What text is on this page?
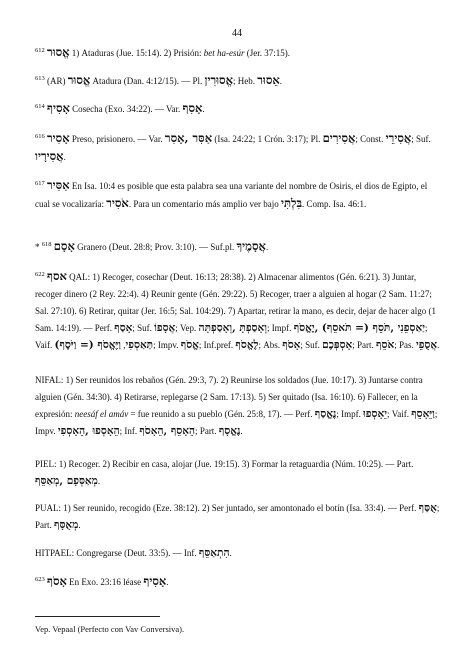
44
$^{612}$ אֱסוּר 1) Ataduras (Jue. 15:14). 2) Prisión: bet ha-esúr (Jer. 37:15).
$^{613}$ (AR) אֱסוּר Atadura (Dan. 4:12/15). — Pl. אֱסוּרִין; Heb. אֵסוּר.
$^{614}$ אָסִיף Cosecha (Exo. 34:22). — Var. אָסִף.
$^{616}$ אָסִיר Preso, prisionero. — Var. אַסִּר ,אָסִר (Isa. 24:22; 1 Crón. 3:17); Pl. אֲסִירִים; Const. אֲסִירֵי; Suf. אֲסִירָיו.
$^{617}$ אַסִּיר En Isa. 10:4 es posible que esta palabra sea una variante del nombre de Osiris, el dios de Egipto, el cual se vocalizaría: אֹסִיר. Para un comentario más amplio ver bajo בִּלְתִּי. Comp. Isa. 46:1.
* $^{618}$ אָסָם Granero (Deut. 28:8; Prov. 3:10). — Suf.pl. אֲסָמֶיךָ.
$^{622}$ אסף QAL: 1) Recoger, cosechar (Deut. 16:13; 28:38). 2) Almacenar alimentos (Gén. 6:21). 3) Juntar, recoger dinero (2 Rey. 22:4). 4) Reunir gente (Gén. 29:22). 5) Recoger, traer a alguien al hogar (2 Sam. 11:27; Sal. 27:10). 6) Retirar, quitar (Jer. 16:5; Sal. 104:29). 7) Apartar, retirar la mano, es decir, dejar de hacer algo (1 Sam. 14:19). — Perf. אָסַף; Suf. אֲסָפוֹ; Vep. וְאָסַפְתָּ ,וְאָסַפְתָּה; Impf. יַאַסְפֵנִי ,תֹּסֵף (= תֹּאסֵף) ,יֶאֱסֹף; Vaif. וַיֶּאֱסֹף (= וַיֹּסֶף) ,תַּאַסְפִי; Impv. אֱסֹף; Inf.pref. לֶאֱסֹף; Abs. אָסֹף; Suf. אָסְפְּכֶם; Part. אֹסֵף; Pas. אֲסֻפֵי.
NIFAL: 1) Ser reunidos los rebaños (Gén. 29:3, 7). 2) Reunirse los soldados (Jue. 10:17). 3) Juntarse contra alguien (Gén. 34:30). 4) Retirarse, replegarse (2 Sam. 17:13). 5) Ser quitado (Isa. 16:10). 6) Fallecer, en la expresión: neesáf el amáv = fue reunido a su pueblo (Gén. 25:8, 17). — Perf. נֶאֱסַף; Impf. יֵאָסְפוּ; Vaif. וַיֵּאָסֵף; Impv. הֵאָסְפוּ ,הֵאָסְפִי; Inf. הֵאָסֵף ,הֵאָסֹף; Part. נֶאֱסָף.
PIEL: 1) Recoger. 2) Recibir en casa, alojar (Jue. 19:15). 3) Formar la retaguardia (Núm. 10:25). — Part. מְאַסְּפָם ,מְאַסֵּף.
PUAL: 1) Ser reunido, recogido (Eze. 38:12). 2) Ser juntado, ser amontonado el botín (Isa. 33:4). — Perf. אֻסַּף; Part. מְאֻסָּף.
HITPAEL: Congregarse (Deut. 33:5). — Inf. הִתְאַסֵּף.
$^{623}$ אָסֹף En Exo. 23:16 léase אָסִיף.
Vep. Vepaal (Perfecto con Vav Conversiva).
